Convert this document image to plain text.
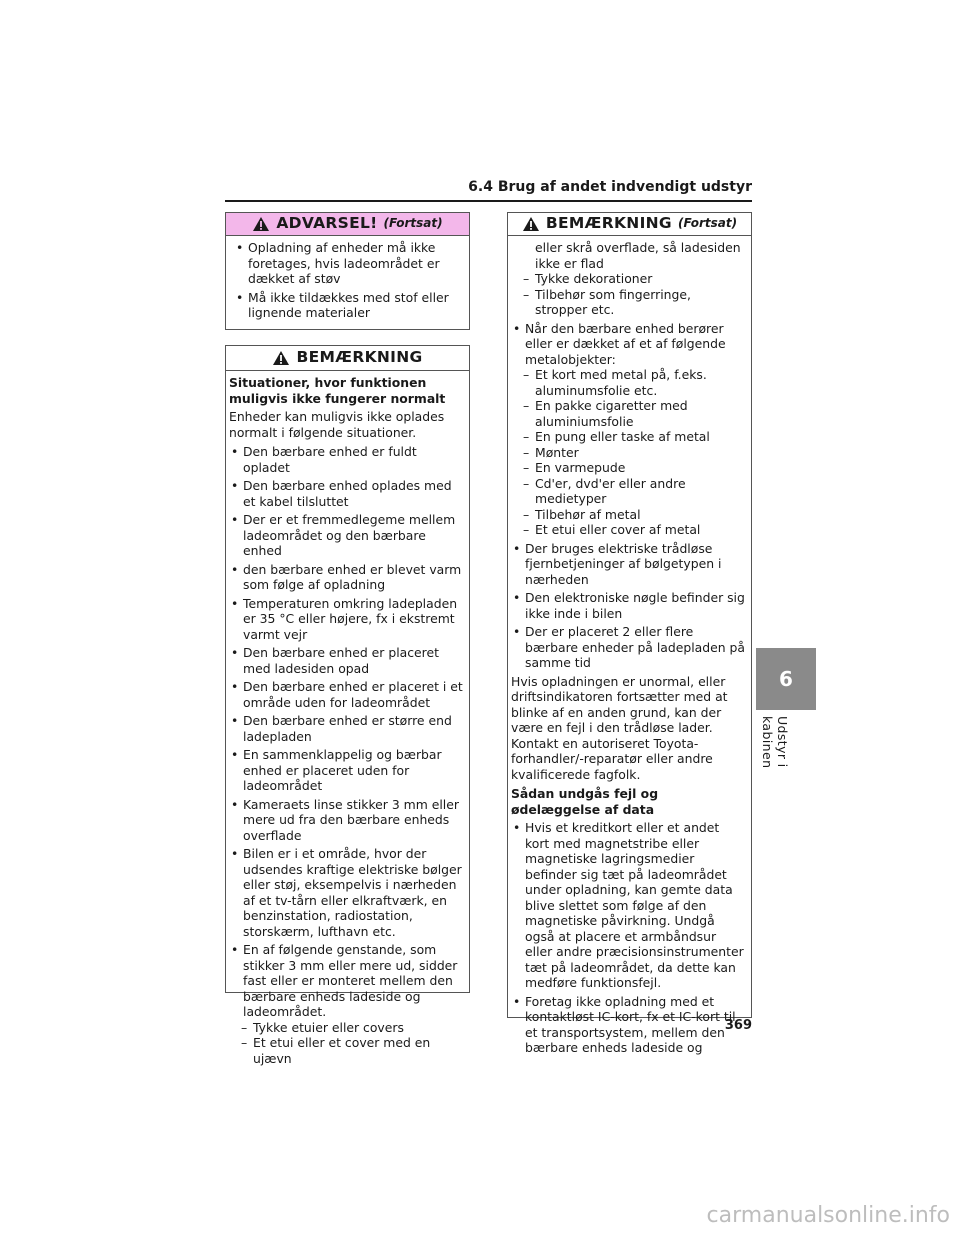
6.4 Brug af andet indvendigt udstyr
ADVARSEL! (Fortsat)
• Opladning af enheder må ikke foretages, hvis ladeområdet er dækket af støv
• Må ikke tildækkes med stof eller lignende materialer
BEMÆRKNING
Situationer, hvor funktionen muligvis ikke fungerer normalt
Enheder kan muligvis ikke oplades normalt i følgende situationer.
• Den bærbare enhed er fuldt opladet
• Den bærbare enhed oplades med et kabel tilsluttet
• Der er et fremmedlegeme mellem ladeområdet og den bærbare enhed
• den bærbare enhed er blevet varm som følge af opladning
• Temperaturen omkring ladepladen er 35 °C eller højere, fx i ekstremt varmt vejr
• Den bærbare enhed er placeret med ladesiden opad
• Den bærbare enhed er placeret i et område uden for ladeområdet
• Den bærbare enhed er større end ladepladen
• En sammenklappelig og bærbar enhed er placeret uden for ladeområdet
• Kameraets linse stikker 3 mm eller mere ud fra den bærbare enheds overflade
• Bilen er i et område, hvor der udsendes kraftige elektriske bølger eller støj, eksempelvis i nærheden af et tv-tårn eller elkraftværk, en benzinstation, radiostation, storskærm, lufthavn etc.
• En af følgende genstande, som stikker 3 mm eller mere ud, sidder fast eller er monteret mellem den bærbare enheds ladeside og ladeområdet.
– Tykke etuier eller covers
– Et etui eller et cover med en ujævn
BEMÆRKNING (Fortsat)
eller skrå overflade, så ladesiden ikke er flad
– Tykke dekorationer
– Tilbehør som fingerringe, stropper etc.
• Når den bærbare enhed berører eller er dækket af et af følgende metalobjekter:
– Et kort med metal på, f.eks. aluminumsfolie etc.
– En pakke cigaretter med aluminiumsfolie
– En pung eller taske af metal
– Mønter
– En varmepude
– Cd'er, dvd'er eller andre medietyper
– Tilbehør af metal
– Et etui eller cover af metal
• Der bruges elektriske trådløse fjernbetjeninger af bølgetypen i nærheden
• Den elektroniske nøgle befinder sig ikke inde i bilen
• Der er placeret 2 eller flere bærbare enheder på ladepladen på samme tid
Hvis opladningen er unormal, eller driftsindikatoren fortsætter med at blinke af en anden grund, kan der være en fejl i den trådløse lader. Kontakt en autoriseret Toyota-forhandler/-reparatør eller andre kvalificerede fagfolk.
Sådan undgås fejl og ødelæggelse af data
• Hvis et kreditkort eller et andet kort med magnetstribe eller magnetiske lagringsmedier befinder sig tæt på ladeområdet under opladning, kan gemte data blive slettet som følge af den magnetiske påvirkning. Undgå også at placere et armbåndsur eller andre præcisionsinstrumenter tæt på ladeområdet, da dette kan medføre funktionsfejl.
• Foretag ikke opladning med et kontaktløst IC-kort, fx et IC-kort til et transportsystem, mellem den bærbare enheds ladeside og
6
Udstyr i kabinen
369
carmanualsonline.info
